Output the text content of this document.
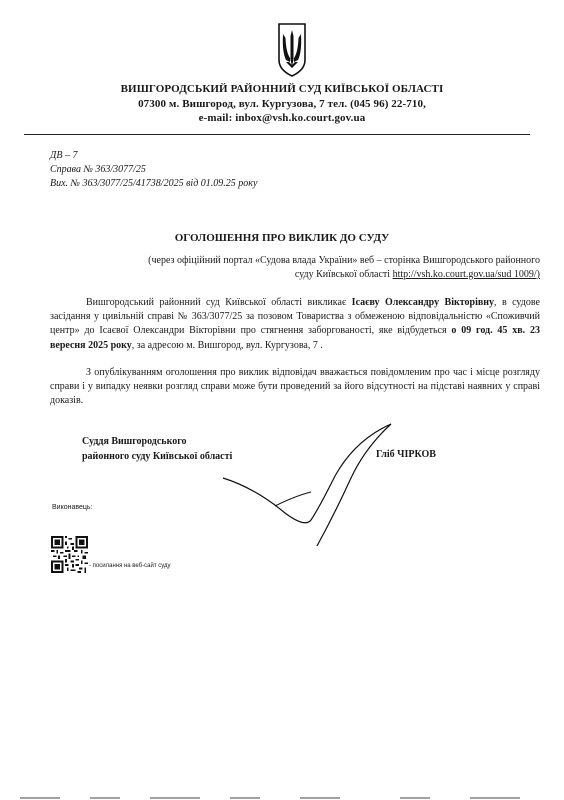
ВИШГОРОДСЬКИЙ РАЙОННИЙ СУД КИЇВСЬКОЇ ОБЛАСТІ
07300 м. Вишгород, вул. Кургузова, 7 тел. (045 96) 22-710,
e-mail: inbox@vsh.ko.court.gov.ua
ДВ – 7
Справа № 363/3077/25
Вих. № 363/3077/25/41738/2025 від 01.09.25 року
ОГОЛОШЕННЯ ПРО ВИКЛИК ДО СУДУ
(через офіційний портал «Судова влада України» веб – сторінка Вишгородського районного
суду Київської області http://vsh.ko.court.gov.ua/sud 1009/)
Вишгородський районний суд Київської області викликає Ісаєву Олександру Вікторівну, в судове засідання у цивільній справі № 363/3077/25 за позовом Товариства з обмеженою відповідальністю «Споживчий центр» до Ісаєвої Олександри Вікторівни про стягнення заборгованості, яке відбудеться о 09 год. 45 хв. 23 вересня 2025 року, за адресою м. Вишгород, вул. Кургузова, 7 .
З опублікуванням оголошення про виклик відповідач вважається повідомленим про час і місце розгляду справи і у випадку неявки розгляд справи може бути проведений за його відсутності на підставі наявних у справі доказів.
Суддя Вишгородського
районного суду Київської області	Гліб ЧІРКОВ
Виконавець:
- посилання на веб-сайт суду
